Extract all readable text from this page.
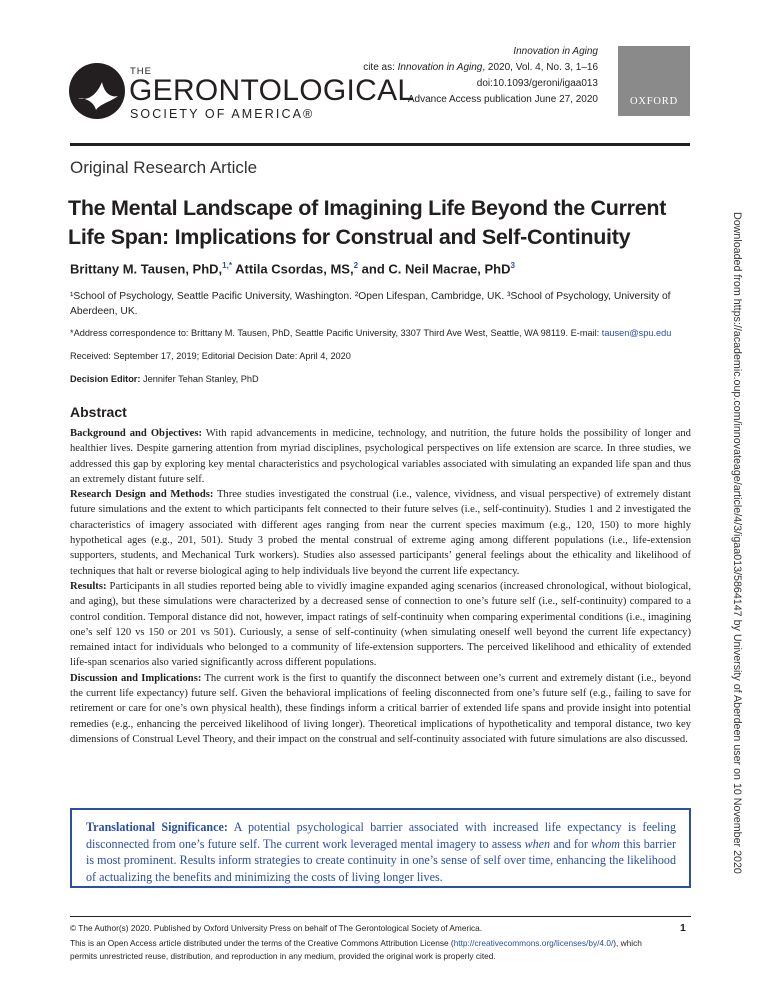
THE
GERONTOLOGICAL
SOCIETY OF AMERICA®
Innovation in Aging
cite as: Innovation in Aging, 2020, Vol. 4, No. 3, 1–16
doi:10.1093/geroni/igaa013
Advance Access publication June 27, 2020	OXFORD
Original Research Article
The Mental Landscape of Imagining Life Beyond the Current Life Span: Implications for Construal and Self-Continuity
Brittany M. Tausen, PhD,$^{1,*}$ Attila Csordas, MS,$^2$ and C. Neil Macrae, PhD$^3$
¹School of Psychology, Seattle Pacific University, Washington. ²Open Lifespan, Cambridge, UK. ³School of Psychology, University of Aberdeen, UK.
*Address correspondence to: Brittany M. Tausen, PhD, Seattle Pacific University, 3307 Third Ave West, Seattle, WA 98119. E-mail: tausen@spu.edu
Received: September 17, 2019; Editorial Decision Date: April 4, 2020
Decision Editor: Jennifer Tehan Stanley, PhD
Abstract

Background and Objectives: With rapid advancements in medicine, technology, and nutrition, the future holds the possibility of longer and healthier lives. Despite garnering attention from myriad disciplines, psychological perspectives on life extension are scarce. In three studies, we addressed this gap by exploring key mental characteristics and psychological variables associated with simulating an expanded life span and thus an extremely distant future self.

Research Design and Methods: Three studies investigated the construal (i.e., valence, vividness, and visual perspective) of extremely distant future simulations and the extent to which participants felt connected to their future selves (i.e., self-continuity). Studies 1 and 2 investigated the characteristics of imagery associated with different ages ranging from near the current species maximum (e.g., 120, 150) to more highly hypothetical ages (e.g., 201, 501). Study 3 probed the mental construal of extreme aging among different populations (i.e., life-extension supporters, students, and Mechanical Turk workers). Studies also assessed participants’ general feelings about the ethicality and likelihood of techniques that halt or reverse biological aging to help individuals live beyond the current life expectancy.

Results: Participants in all studies reported being able to vividly imagine expanded aging scenarios (increased chronological, without biological, and aging), but these simulations were characterized by a decreased sense of connection to one’s future self (i.e., self-continuity) compared to a control condition. Temporal distance did not, however, impact ratings of self-continuity when comparing experimental conditions (i.e., imagining one’s self 120 vs 150 or 201 vs 501). Curiously, a sense of self-continuity (when simulating oneself well beyond the current life expectancy) remained intact for individuals who belonged to a community of life-extension supporters. The perceived likelihood and ethicality of extended life-span scenarios also varied significantly across different populations.

Discussion and Implications: The current work is the first to quantify the disconnect between one’s current and extremely distant (i.e., beyond the current life expectancy) future self. Given the behavioral implications of feeling disconnected from one’s future self (e.g., failing to save for retirement or care for one’s own physical health), these findings inform a critical barrier of extended life spans and provide insight into potential remedies (e.g., enhancing the perceived likelihood of living longer). Theoretical implications of hypotheticality and temporal distance, two key dimensions of Construal Level Theory, and their impact on the construal and self-continuity associated with future simulations are also discussed.

Translational Significance: A potential psychological barrier associated with increased life expectancy is feeling disconnected from one’s future self. The current work leveraged mental imagery to assess when and for whom this barrier is most prominent. Results inform strategies to create continuity in one’s sense of self over time, enhancing the likelihood of actualizing the benefits and minimizing the costs of living longer lives.
© The Author(s) 2020. Published by Oxford University Press on behalf of The Gerontological Society of America.	1
This is an Open Access article distributed under the terms of the Creative Commons Attribution License (http://creativecommons.org/licenses/by/4.0/), which permits unrestricted reuse, distribution, and reproduction in any medium, provided the original work is properly cited.
Downloaded from https://academic.oup.com/innovateage/article/4/3/igaa013/5864147 by University of Aberdeen user on 10 November 2020
